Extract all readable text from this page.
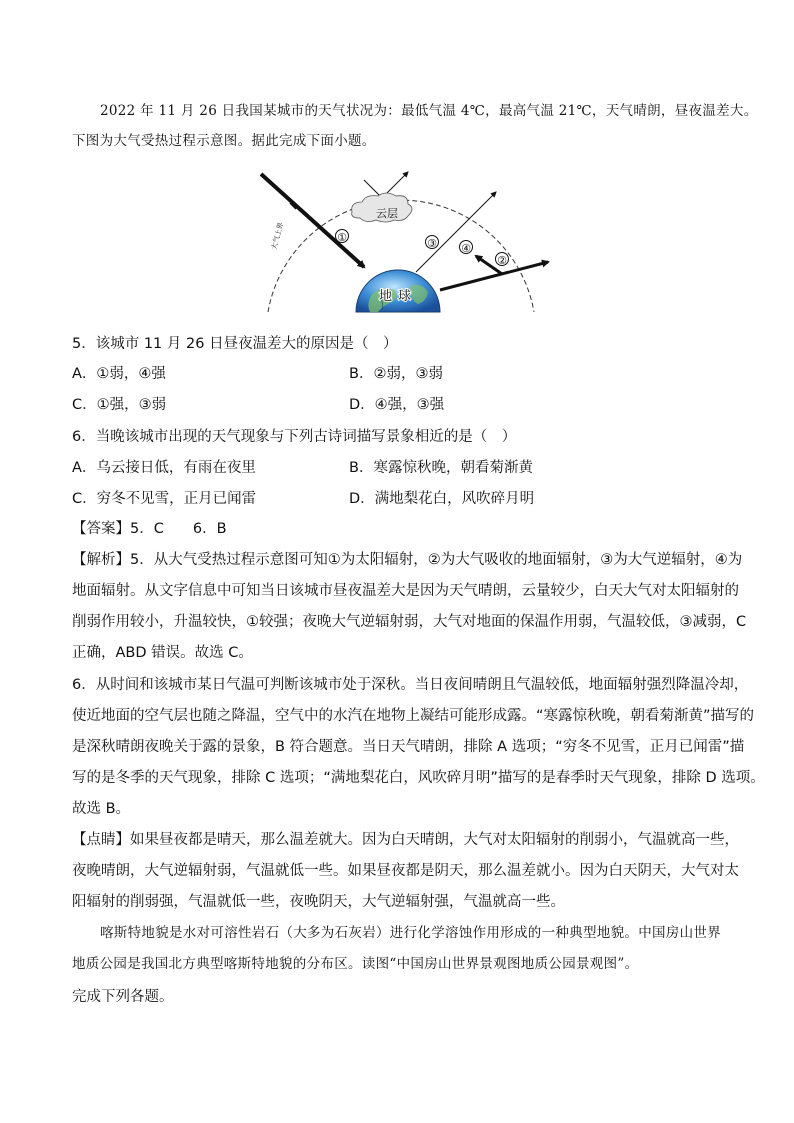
2022 年 11 月 26 日我国某城市的天气状况为：最低气温 4℃，最高气温 21℃，天气晴朗，昼夜温差大。
下图为大气受热过程示意图。据此完成下面小题。
地球
①
云层
大气上界	③ ④
②
5．该城市 11 月 26 日昼夜温差大的原因是（　）
A．①弱，④强	B．②弱，③弱
C．①强，③弱	D．④强，③强
6．当晚该城市出现的天气现象与下列古诗词描写景象相近的是（　）
A．乌云接日低，有雨在夜里	B．寒露惊秋晚，朝看菊渐黄
C．穷冬不见雪，正月已闻雷	D．满地梨花白，风吹碎月明
【答案】5．C　　6．B
【解析】5．从大气受热过程示意图可知①为太阳辐射，②为大气吸收的地面辐射，③为大气逆辐射，④为
地面辐射。从文字信息中可知当日该城市昼夜温差大是因为天气晴朗，云量较少，白天大气对太阳辐射的
削弱作用较小，升温较快，①较强；夜晚大气逆辐射弱，大气对地面的保温作用弱，气温较低，③减弱，C
正确，ABD 错误。故选 C。
6．从时间和该城市某日气温可判断该城市处于深秋。当日夜间晴朗且气温较低，地面辐射强烈降温冷却，
使近地面的空气层也随之降温，空气中的水汽在地物上凝结可能形成露。“寒露惊秋晚，朝看菊渐黄”描写的
是深秋晴朗夜晚关于露的景象，B 符合题意。当日天气晴朗，排除 A 选项；“穷冬不见雪，正月已闻雷”描
写的是冬季的天气现象，排除 C 选项；“满地梨花白，风吹碎月明”描写的是春季时天气现象，排除 D 选项。
故选 B。
【点睛】如果昼夜都是晴天，那么温差就大。因为白天晴朗，大气对太阳辐射的削弱小，气温就高一些，
夜晚晴朗，大气逆辐射弱，气温就低一些。如果昼夜都是阴天，那么温差就小。因为白天阴天，大气对太
阳辐射的削弱强，气温就低一些，夜晚阴天，大气逆辐射强，气温就高一些。
喀斯特地貌是水对可溶性岩石（大多为石灰岩）进行化学溶蚀作用形成的一种典型地貌。中国房山世界
地质公园是我国北方典型喀斯特地貌的分布区。读图“中国房山世界景观图地质公园景观图”。
完成下列各题。
